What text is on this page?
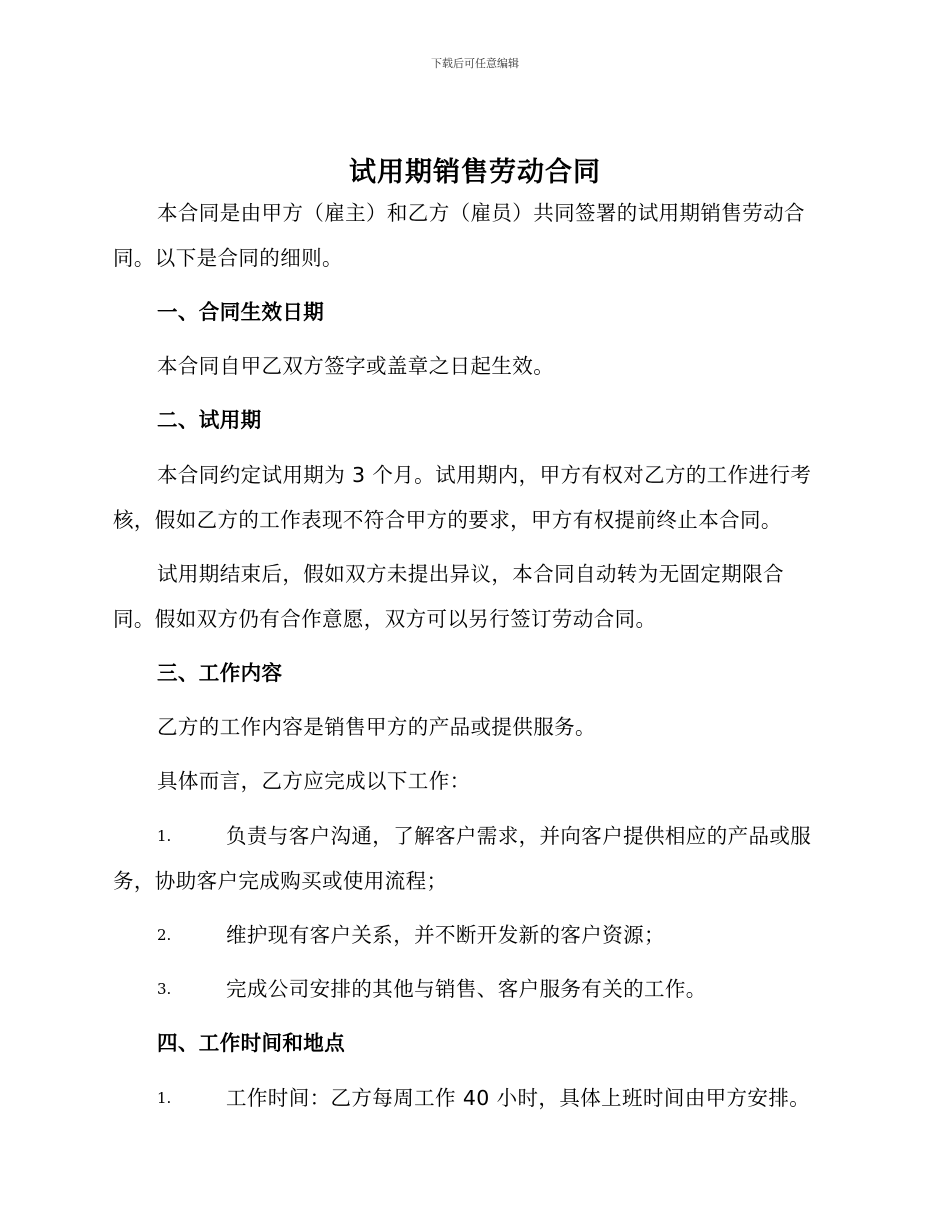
下载后可任意编辑
试用期销售劳动合同
本合同是由甲方（雇主）和乙方（雇员）共同签署的试用期销售劳动合
同。以下是合同的细则。
一、合同生效日期
本合同自甲乙双方签字或盖章之日起生效。
二、试用期
本合同约定试用期为 3 个月。试用期内，甲方有权对乙方的工作进行考
核，假如乙方的工作表现不符合甲方的要求，甲方有权提前终止本合同。
试用期结束后，假如双方未提出异议，本合同自动转为无固定期限合
同。假如双方仍有合作意愿，双方可以另行签订劳动合同。
三、工作内容
乙方的工作内容是销售甲方的产品或提供服务。
具体而言，乙方应完成以下工作：
1.	负责与客户沟通，了解客户需求，并向客户提供相应的产品或服
务，协助客户完成购买或使用流程；
2.	维护现有客户关系，并不断开发新的客户资源；
3.	完成公司安排的其他与销售、客户服务有关的工作。
四、工作时间和地点
1.	工作时间：乙方每周工作 40 小时，具体上班时间由甲方安排。
